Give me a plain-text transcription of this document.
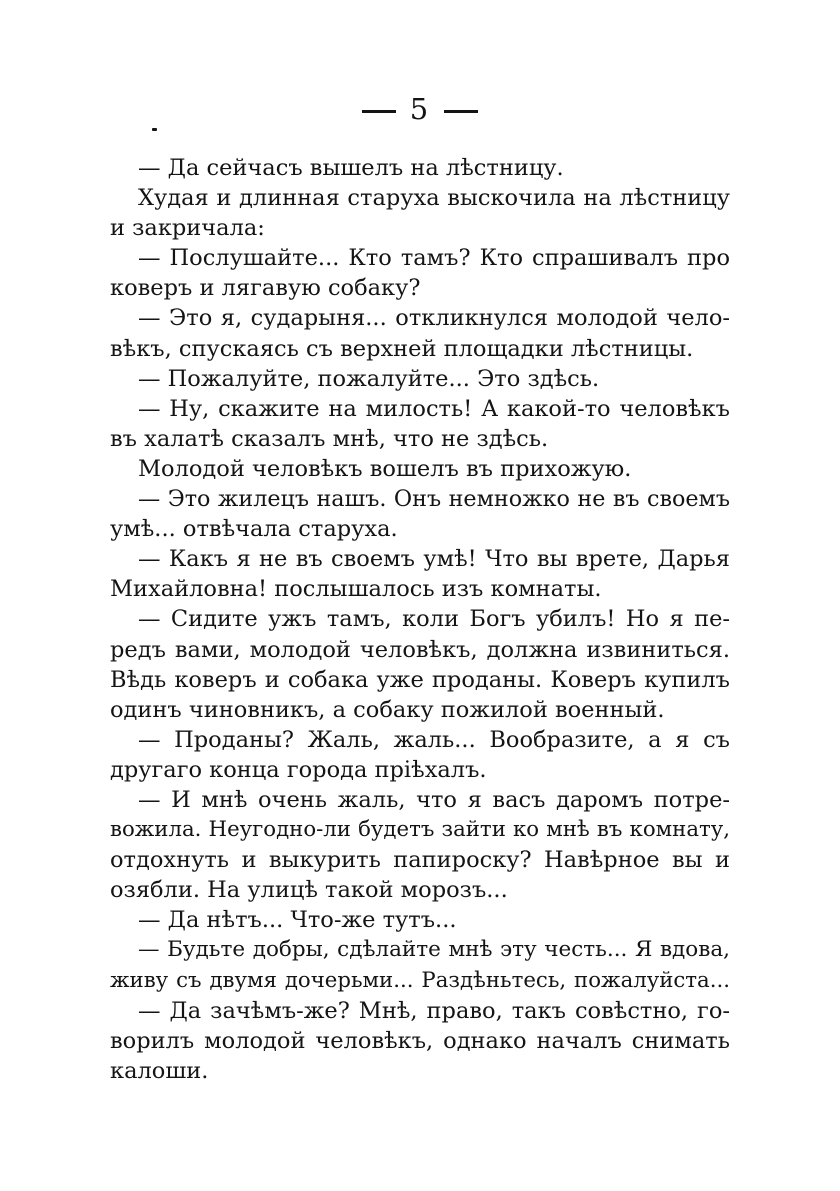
5
— Да сейчасъ вышелъ на лѣстницу.
Худая и длинная старуха выскочила на лѣстницу
и закричала:
— Послушайте... Кто тамъ? Кто спрашивалъ про
коверъ и лягавую собаку?
— Это я, сударыня... откликнулся молодой чело-
вѣкъ, спускаясь съ верхней площадки лѣстницы.
— Пожалуйте, пожалуйте... Это здѣсь.
— Ну, скажите на милость! А какой-то человѣкъ
въ халатѣ сказалъ мнѣ, что не здѣсь.
Молодой человѣкъ вошелъ въ прихожую.
— Это жилецъ нашъ. Онъ немножко не въ своемъ
умѣ... отвѣчала старуха.
— Какъ я не въ своемъ умѣ! Что вы врете, Дарья
Михайловна! послышалось изъ комнаты.
— Сидите ужъ тамъ, коли Богъ убилъ! Но я пе-
редъ вами, молодой человѣкъ, должна извиниться.
Вѣдь коверъ и собака уже проданы. Коверъ купилъ
одинъ чиновникъ, а собаку пожилой военный.
— Проданы? Жаль, жаль... Вообразите, а я съ
другаго конца города пріѣхалъ.
— И мнѣ очень жаль, что я васъ даромъ потре-
вожила. Неугодно-ли будетъ зайти ко мнѣ въ комнату,
отдохнуть и выкурить папироску? Навѣрное вы и
озябли. На улицѣ такой морозъ...
— Да нѣтъ... Что-же тутъ...
— Будьте добры, сдѣлайте мнѣ эту честь... Я вдова,
живу съ двумя дочерьми... Раздѣньтесь, пожалуйста...
— Да зачѣмъ-же? Мнѣ, право, такъ совѣстно, го-
ворилъ молодой человѣкъ, однако началъ снимать
калоши.
